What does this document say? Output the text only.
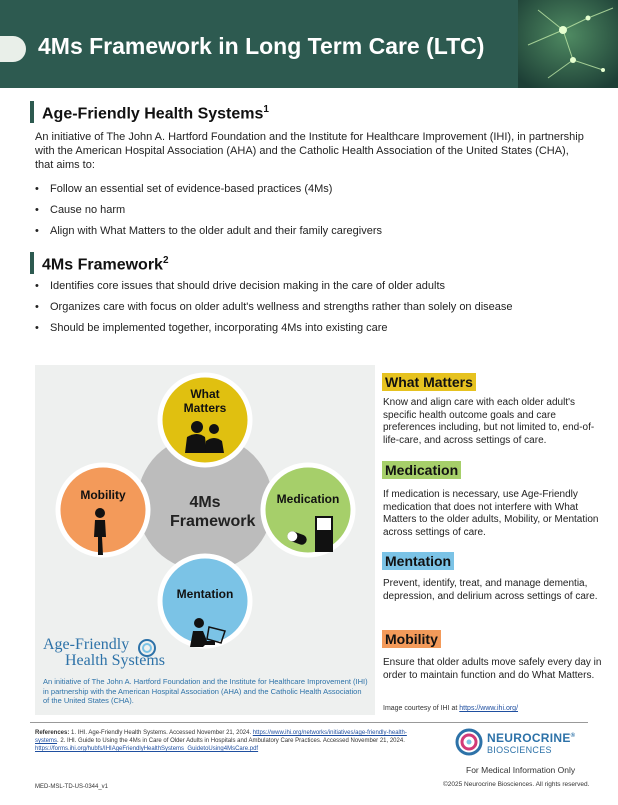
4Ms Framework in Long Term Care (LTC)
Age-Friendly Health Systems$^1$
An initiative of The John A. Hartford Foundation and the Institute for Healthcare Improvement (IHI), in partnership with the American Hospital Association (AHA) and the Catholic Health Association of the United States (CHA), that aims to:
• Follow an essential set of evidence-based practices (4Ms)
• Cause no harm
• Align with What Matters to the older adult and their family caregivers
4Ms Framework$^2$
• Identifies core issues that should drive decision making in the care of older adults
• Organizes care with focus on older adult's wellness and strengths rather than solely on disease
• Should be implemented together, incorporating 4Ms into existing care
What
Matters
Mobility	Medication
Mentation
4Ms
Framework
Age-Friendly
Health Systems
An initiative of The John A. Hartford Foundation and the Institute for Healthcare Improvement (IHI) in partnership with the American Hospital Association (AHA) and the Catholic Health Association of the United States (CHA).
What Matters
Know and align care with each older adult's specific health outcome goals and care preferences including, but not limited to, end-of-life-care, and across settings of care.
Medication
If medication is necessary, use Age-Friendly medication that does not interfere with What Matters to the older adults, Mobility, or Mentation across settings of care.
Mentation
Prevent, identify, treat, and manage dementia, depression, and delirium across settings of care.
Mobility
Ensure that older adults move safely every day in order to maintain function and do What Matters.
Image courtesy of IHI at https://www.ihi.org/
References: 1. IHI. Age-Friendly Health Systems. Accessed November 21, 2024. https://www.ihi.org/networks/initiatives/age-friendly-health-systems. 2. IHI. Guide to Using the 4Ms in Care of Older Adults in Hospitals and Ambulatory Care Practices. Accessed November 21, 2024. https://forms.ihi.org/hubfs/IHIAgeFriendlyHealthSystems_GuidetoUsing4MsCare.pdf
MED-MSL-TD-US-0344_v1
NEUROCRINE®
BIOSCIENCES
For Medical Information Only
©2025 Neurocrine Biosciences. All rights reserved.
